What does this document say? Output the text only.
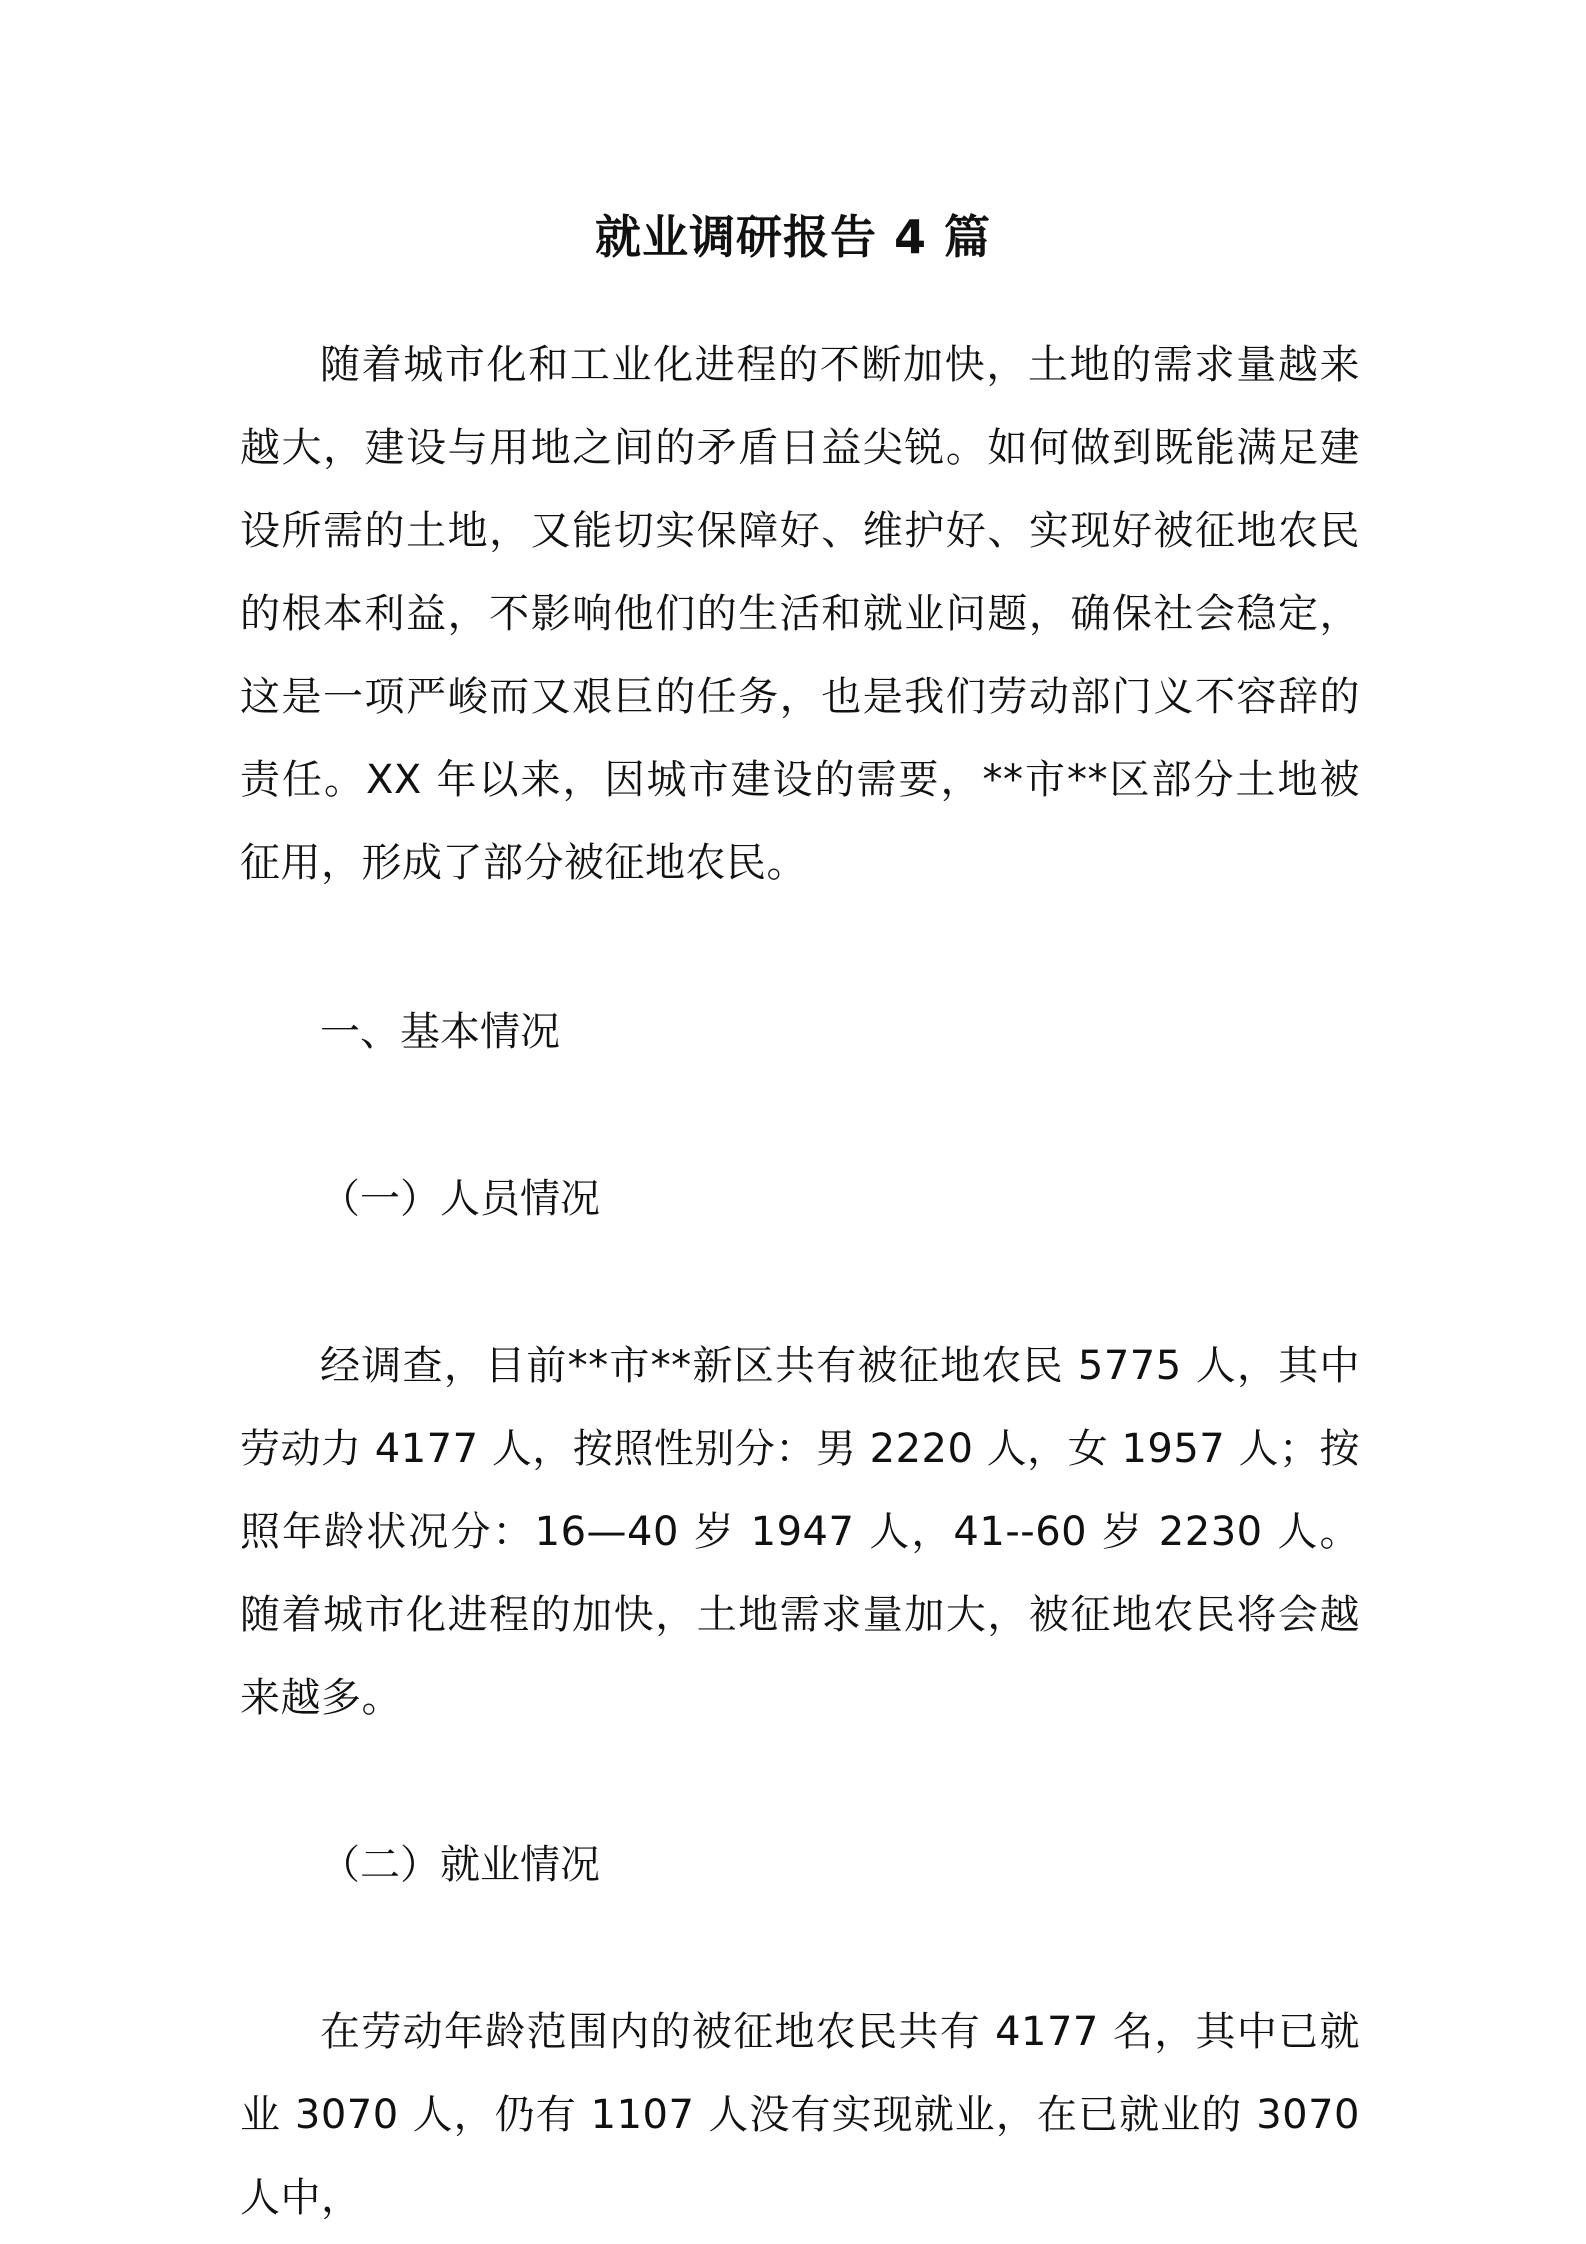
就业调研报告 4 篇

随着城市化和工业化进程的不断加快，土地的需求量越来越大，建设与用地之间的矛盾日益尖锐。如何做到既能满足建设所需的土地，又能切实保障好、维护好、实现好被征地农民的根本利益，不影响他们的生活和就业问题，确保社会稳定，这是一项严峻而又艰巨的任务，也是我们劳动部门义不容辞的责任。XX 年以来，因城市建设的需要，**市**区部分土地被征用，形成了部分被征地农民。

一、基本情况

（一）人员情况

经调查，目前**市**新区共有被征地农民 5775 人，其中劳动力 4177 人，按照性别分：男 2220 人，女 1957 人；按照年龄状况分：16—40 岁 1947 人，41--60 岁 2230 人。随着城市化进程的加快，土地需求量加大，被征地农民将会越来越多。

（二）就业情况

在劳动年龄范围内的被征地农民共有 4177 名，其中已就业 3070 人，仍有 1107 人没有实现就业，在已就业的 3070 人中，
